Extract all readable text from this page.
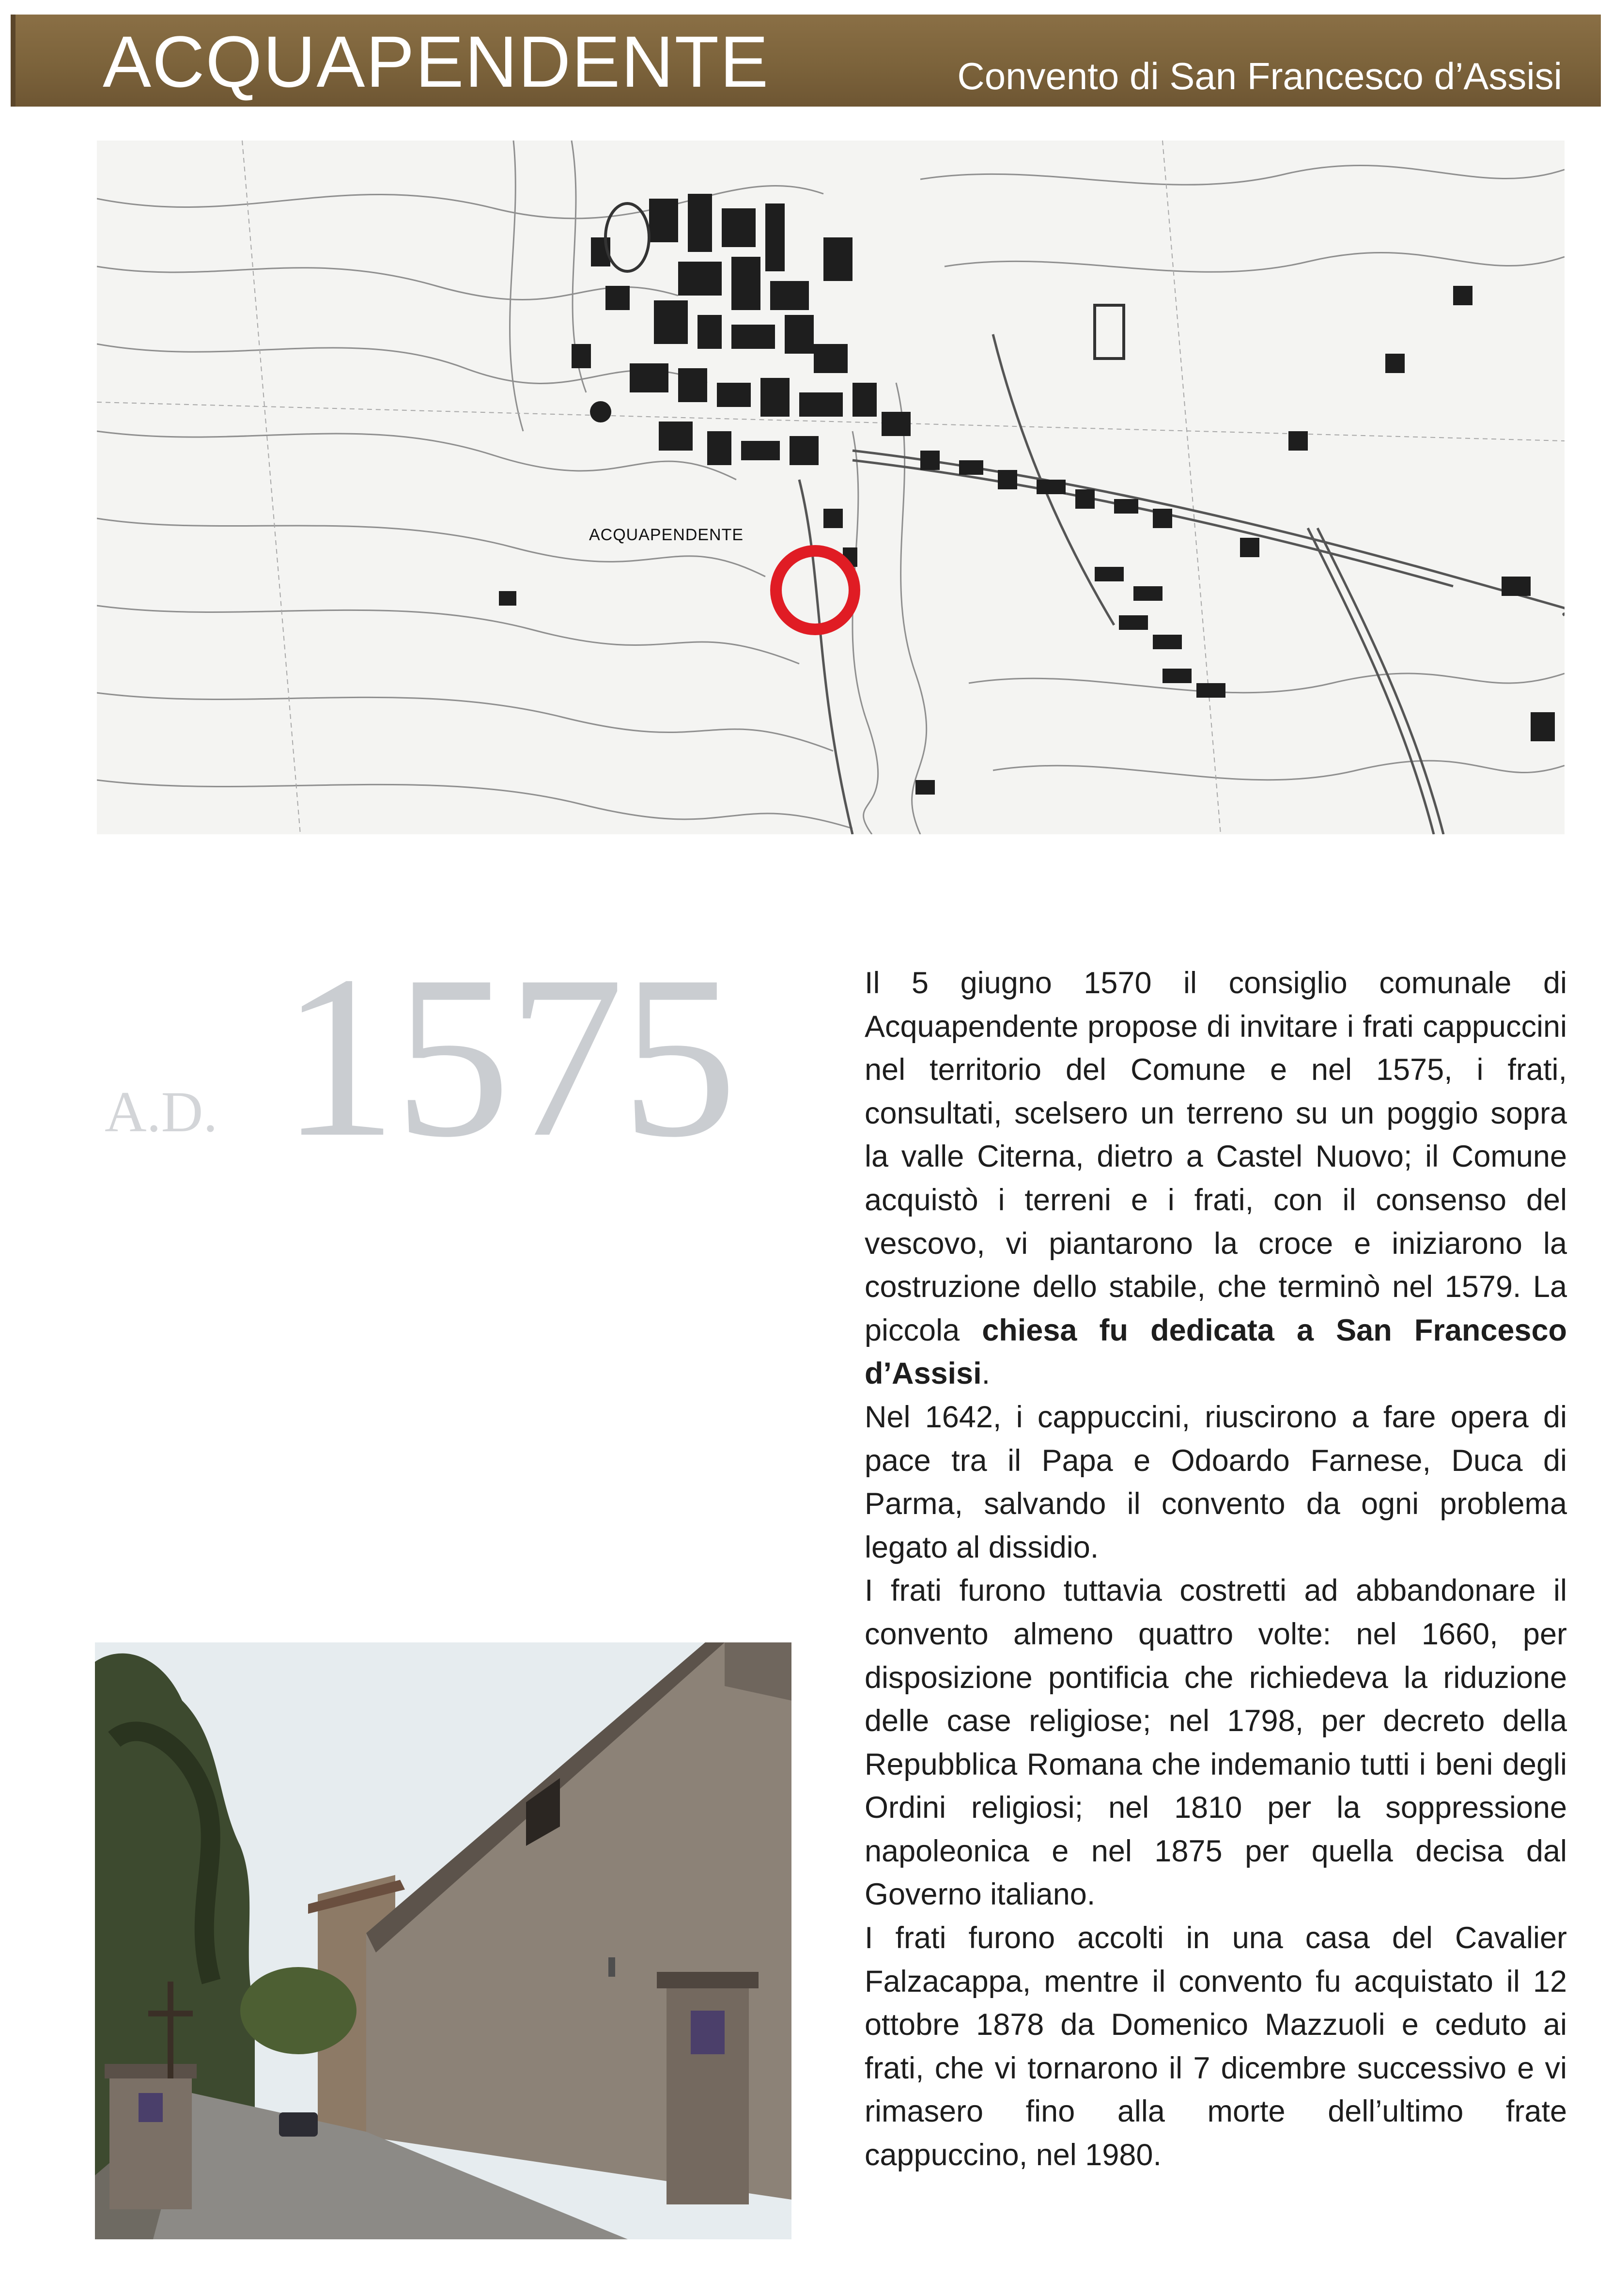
ACQUAPENDENTE	Convento di San Francesco d’Assisi
ACQUAPENDENTE
A.D. 1575	Il 5 giugno 1570 il consiglio comunale di Acquapendente propose di invitare i frati cappuccini nel territorio del Comune e nel 1575, i frati, consultati, scelsero un terreno su un poggio sopra la valle Citerna, dietro a Castel Nuovo; il Comune acquistò i terreni e i frati, con il consenso del vescovo, vi piantarono la croce e iniziarono la costruzione dello stabile, che terminò nel 1579. La piccola chiesa fu dedicata a San Francesco d’Assisi.

Nel 1642, i cappuccini, riuscirono a fare opera di pace tra il Papa e Odoardo Farnese, Duca di Parma, salvando il convento da ogni problema legato al dissidio.

I frati furono tuttavia costretti ad abbandonare il convento almeno quattro volte: nel 1660, per disposizione pontificia che richiedeva la riduzione delle case religiose; nel 1798, per decreto della Repubblica Romana che indemanio tutti i beni degli Ordini religiosi; nel 1810 per la soppressione napoleonica e nel 1875 per quella decisa dal Governo italiano.

I frati furono accolti in una casa del Cavalier Falzacappa, mentre il convento fu acquistato il 12 ottobre 1878 da Domenico Mazzuoli e ceduto ai frati, che vi tornarono il 7 dicembre successivo e vi rimasero fino alla morte dell’ultimo frate cappuccino, nel 1980.
